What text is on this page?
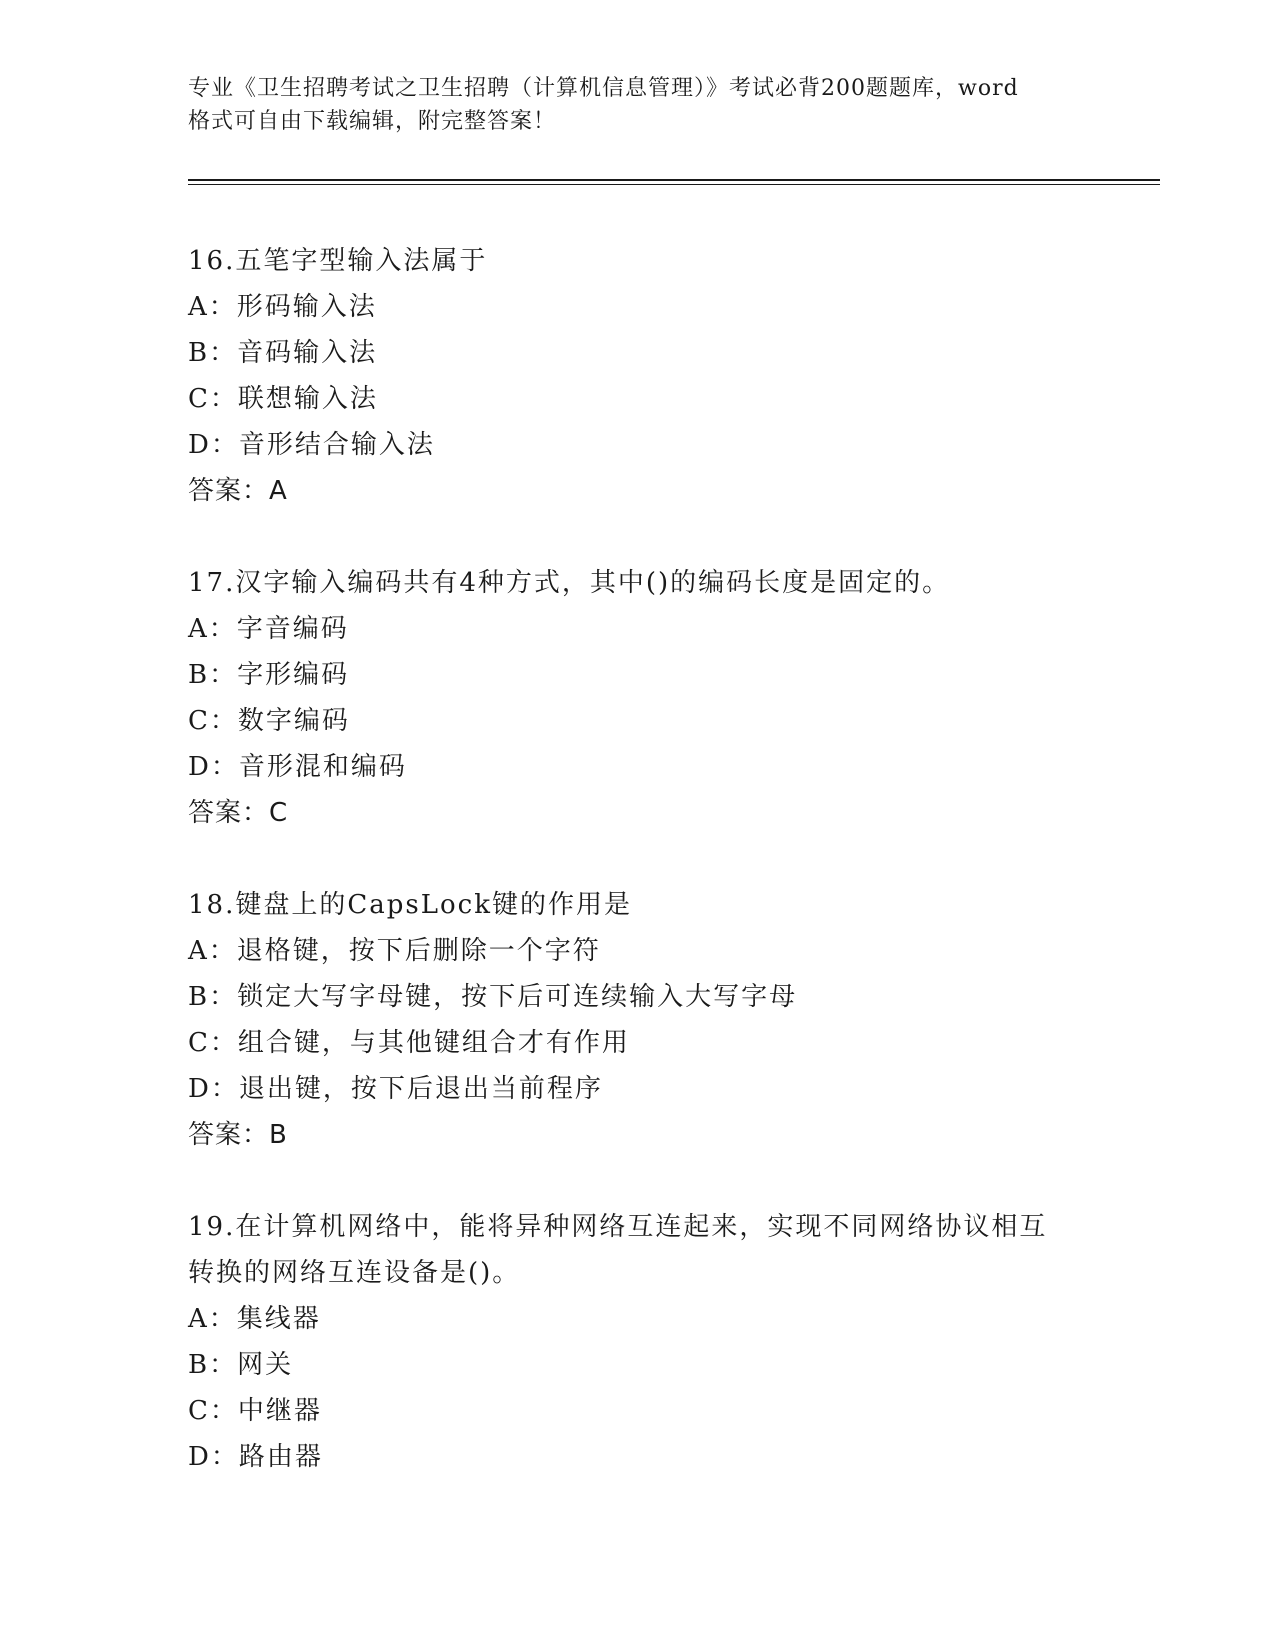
专业《卫生招聘考试之卫生招聘（计算机信息管理）》考试必背200题题库，word
格式可自由下载编辑，附完整答案！
16.五笔字型输入法属于
A：形码输入法
B：音码输入法
C：联想输入法
D：音形结合输入法
答案：A
17.汉字输入编码共有4种方式，其中()的编码长度是固定的。
A：字音编码
B：字形编码
C：数字编码
D：音形混和编码
答案：C
18.键盘上的CapsLock键的作用是
A：退格键，按下后删除一个字符
B：锁定大写字母键，按下后可连续输入大写字母
C：组合键，与其他键组合才有作用
D：退出键，按下后退出当前程序
答案：B
19.在计算机网络中，能将异种网络互连起来，实现不同网络协议相互
转换的网络互连设备是()。
A：集线器
B：网关
C：中继器
D：路由器
